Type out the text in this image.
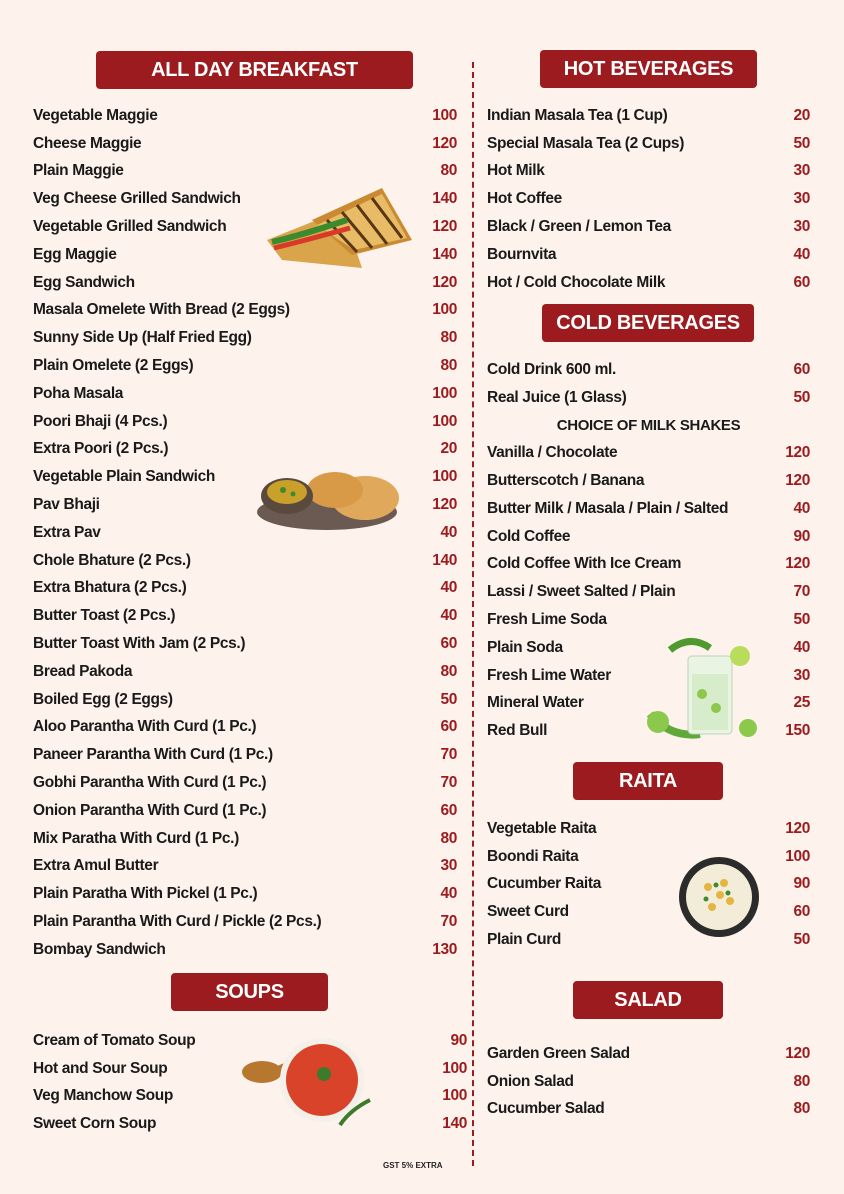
ALL DAY BREAKFAST
Vegetable Maggie	100
Cheese Maggie	120
Plain Maggie	80
Veg Cheese Grilled Sandwich	140
Vegetable Grilled Sandwich	120
Egg Maggie	140
Egg Sandwich	120
Masala Omelete With Bread (2 Eggs)	100
Sunny Side Up (Half Fried Egg)	80
Plain Omelete (2 Eggs)	80
Poha Masala	100
Poori Bhaji (4 Pcs.)	100
Extra Poori (2 Pcs.)	20
Vegetable Plain Sandwich	100
Pav Bhaji	120
Extra Pav	40
Chole Bhature (2 Pcs.)	140
Extra Bhatura (2 Pcs.)	40
Butter Toast (2 Pcs.)	40
Butter Toast With Jam (2 Pcs.)	60
Bread Pakoda	80
Boiled Egg (2 Eggs)	50
Aloo Parantha With Curd (1 Pc.)	60
Paneer Parantha With Curd (1 Pc.)	70
Gobhi Parantha With Curd (1 Pc.)	70
Onion Parantha With Curd (1 Pc.)	60
Mix Paratha With Curd (1 Pc.)	80
Extra Amul Butter	30
Plain Paratha With Pickel (1 Pc.)	40
Plain Parantha With Curd / Pickle (2 Pcs.)	70
Bombay Sandwich	130
SOUPS
Cream of Tomato Soup	90
Hot and Sour Soup	100
Veg Manchow Soup	100
Sweet Corn Soup	140
HOT BEVERAGES
Indian Masala Tea (1 Cup)	20
Special Masala Tea (2 Cups)	50
Hot Milk	30
Hot Coffee	30
Black / Green / Lemon Tea	30
Bournvita	40
Hot / Cold Chocolate Milk	60
COLD BEVERAGES
Cold Drink 600 ml.	60
Real Juice (1 Glass)	50
CHOICE OF MILK SHAKES
Vanilla / Chocolate	120
Butterscotch / Banana	120
Butter Milk / Masala / Plain / Salted	40
Cold Coffee	90
Cold Coffee With Ice Cream	120
Lassi / Sweet Salted / Plain	70
Fresh Lime Soda	50
Plain Soda	40
Fresh Lime Water	30
Mineral Water	25
Red Bull	150
RAITA
Vegetable Raita	120
Boondi Raita	100
Cucumber Raita	90
Sweet Curd	60
Plain Curd	50
SALAD
Garden Green Salad	120
Onion Salad	80
Cucumber Salad	80
GST 5% EXTRA
